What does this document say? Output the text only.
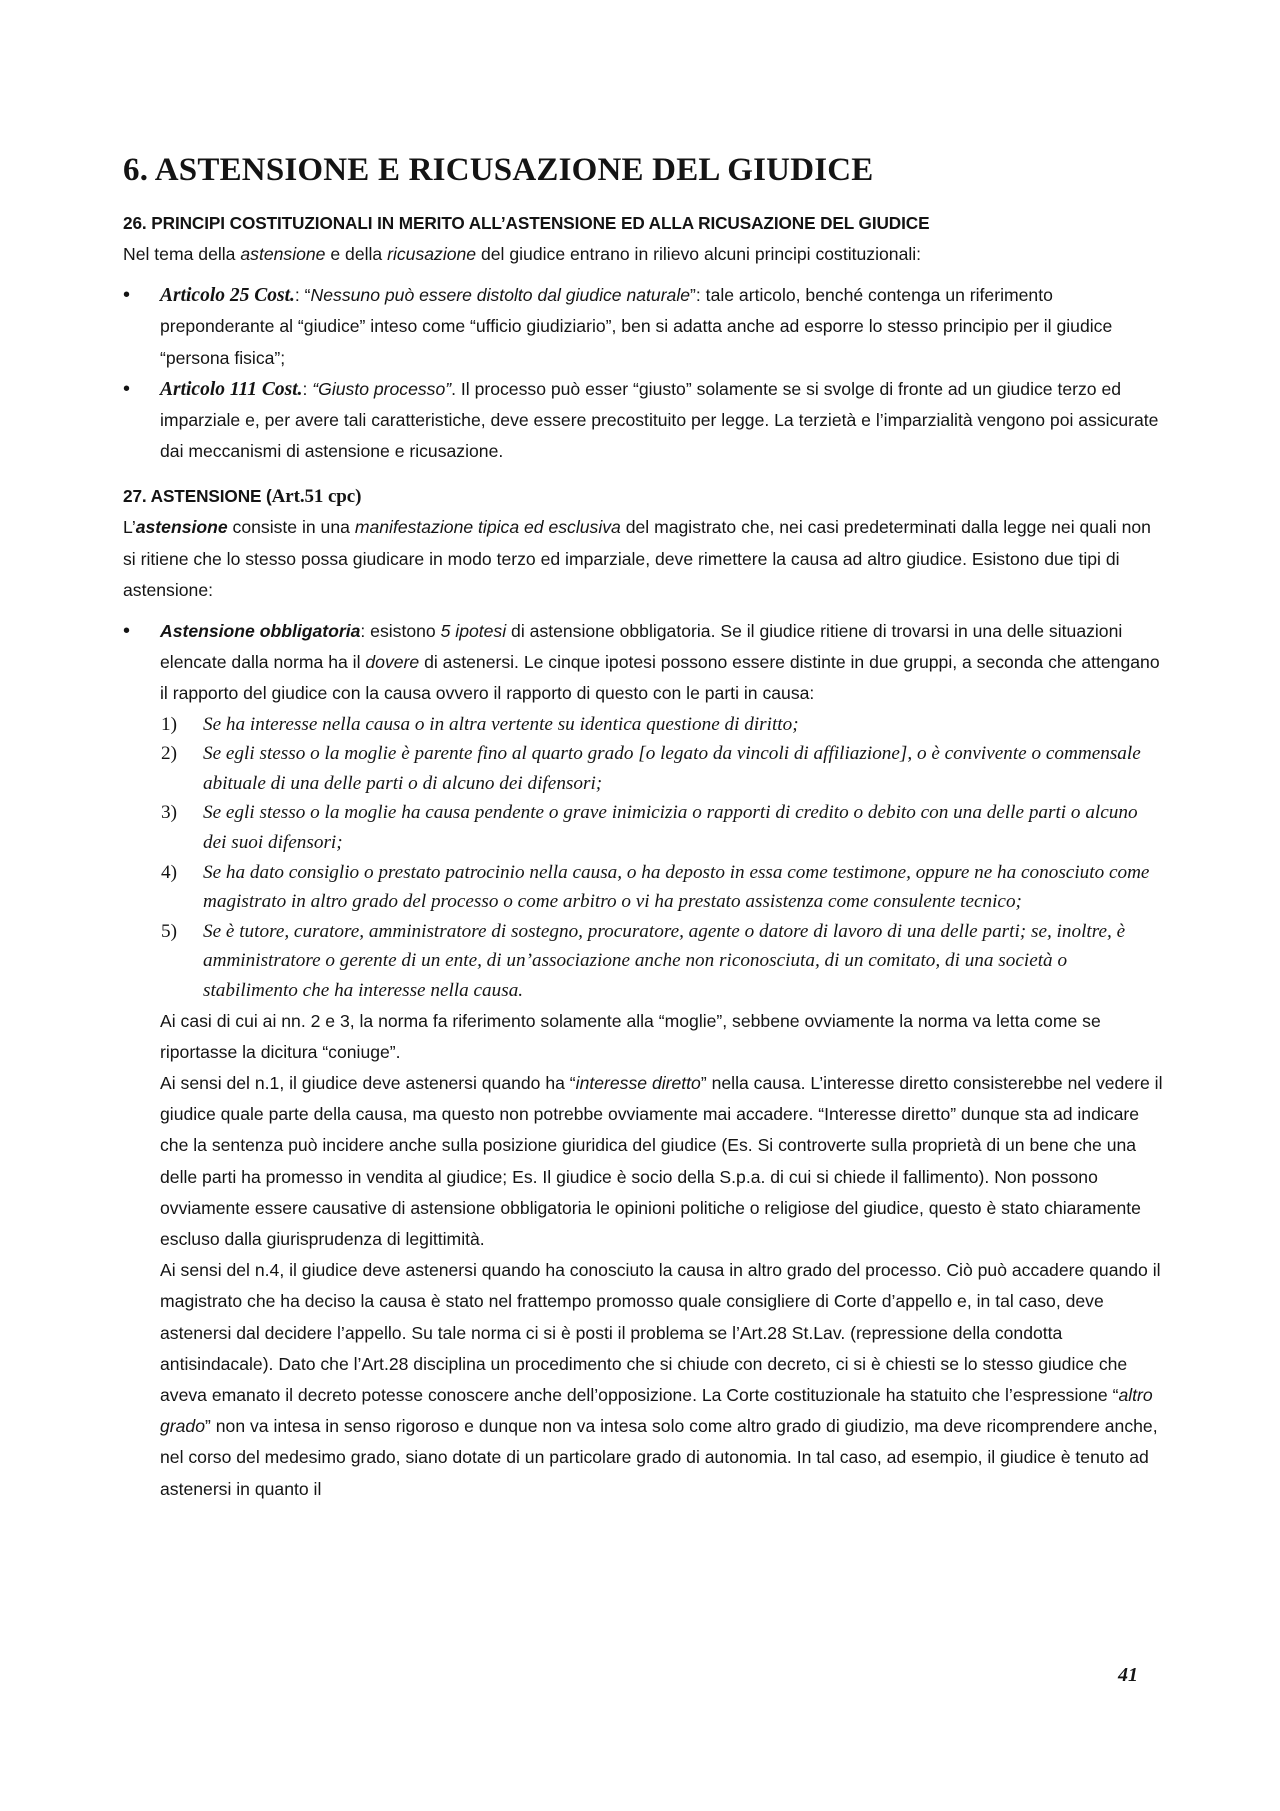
6. ASTENSIONE E RICUSAZIONE DEL GIUDICE
26. PRINCIPI COSTITUZIONALI IN MERITO ALL’ASTENSIONE ED ALLA RICUSAZIONE DEL GIUDICE

Nel tema della astensione e della ricusazione del giudice entrano in rilievo alcuni principi costituzionali:

• Articolo 25 Cost.: “Nessuno può essere distolto dal giudice naturale”: tale articolo, benché contenga un riferimento preponderante al “giudice” inteso come “ufficio giudiziario”, ben si adatta anche ad esporre lo stesso principio per il giudice “persona fisica”;
• Articolo 111 Cost.: “Giusto processo”. Il processo può esser “giusto” solamente se si svolge di fronte ad un giudice terzo ed imparziale e, per avere tali caratteristiche, deve essere precostituito per legge. La terzietà e l’imparzialità vengono poi assicurate dai meccanismi di astensione e ricusazione.
27. ASTENSIONE (Art.51 cpc)

L’astensione consiste in una manifestazione tipica ed esclusiva del magistrato che, nei casi predeterminati dalla legge nei quali non si ritiene che lo stesso possa giudicare in modo terzo ed imparziale, deve rimettere la causa ad altro giudice. Esistono due tipi di astensione:

• Astensione obbligatoria: esistono 5 ipotesi di astensione obbligatoria. Se il giudice ritiene di trovarsi in una delle situazioni elencate dalla norma ha il dovere di astenersi. Le cinque ipotesi possono essere distinte in due gruppi, a seconda che attengano il rapporto del giudice con la causa ovvero il rapporto di questo con le parti in causa:
1) Se ha interesse nella causa o in altra vertente su identica questione di diritto;
2) Se egli stesso o la moglie è parente fino al quarto grado [o legato da vincoli di affiliazione], o è convivente o commensale abituale di una delle parti o di alcuno dei difensori;
3) Se egli stesso o la moglie ha causa pendente o grave inimicizia o rapporti di credito o debito con una delle parti o alcuno dei suoi difensori;
4) Se ha dato consiglio o prestato patrocinio nella causa, o ha deposto in essa come testimone, oppure ne ha conosciuto come magistrato in altro grado del processo o come arbitro o vi ha prestato assistenza come consulente tecnico;
5) Se è tutore, curatore, amministratore di sostegno, procuratore, agente o datore di lavoro di una delle parti; se, inoltre, è amministratore o gerente di un ente, di un’associazione anche non riconosciuta, di un comitato, di una società o stabilimento che ha interesse nella causa.

Ai casi di cui ai nn. 2 e 3, la norma fa riferimento solamente alla “moglie”, sebbene ovviamente la norma va letta come se riportasse la dicitura “coniuge”.

Ai sensi del n.1, il giudice deve astenersi quando ha “interesse diretto” nella causa. L’interesse diretto consisterebbe nel vedere il giudice quale parte della causa, ma questo non potrebbe ovviamente mai accadere. “Interesse diretto” dunque sta ad indicare che la sentenza può incidere anche sulla posizione giuridica del giudice (Es. Si controverte sulla proprietà di un bene che una delle parti ha promesso in vendita al giudice; Es. Il giudice è socio della S.p.a. di cui si chiede il fallimento). Non possono ovviamente essere causative di astensione obbligatoria le opinioni politiche o religiose del giudice, questo è stato chiaramente escluso dalla giurisprudenza di legittimità.

Ai sensi del n.4, il giudice deve astenersi quando ha conosciuto la causa in altro grado del processo. Ciò può accadere quando il magistrato che ha deciso la causa è stato nel frattempo promosso quale consigliere di Corte d’appello e, in tal caso, deve astenersi dal decidere l’appello. Su tale norma ci si è posti il problema se l’Art.28 St.Lav. (repressione della condotta antisindacale). Dato che l’Art.28 disciplina un procedimento che si chiude con decreto, ci si è chiesti se lo stesso giudice che aveva emanato il decreto potesse conoscere anche dell’opposizione. La Corte costituzionale ha statuito che l’espressione “altro grado” non va intesa in senso rigoroso e dunque non va intesa solo come altro grado di giudizio, ma deve ricomprendere anche, nel corso del medesimo grado, siano dotate di un particolare grado di autonomia. In tal caso, ad esempio, il giudice è tenuto ad astenersi in quanto il

41
